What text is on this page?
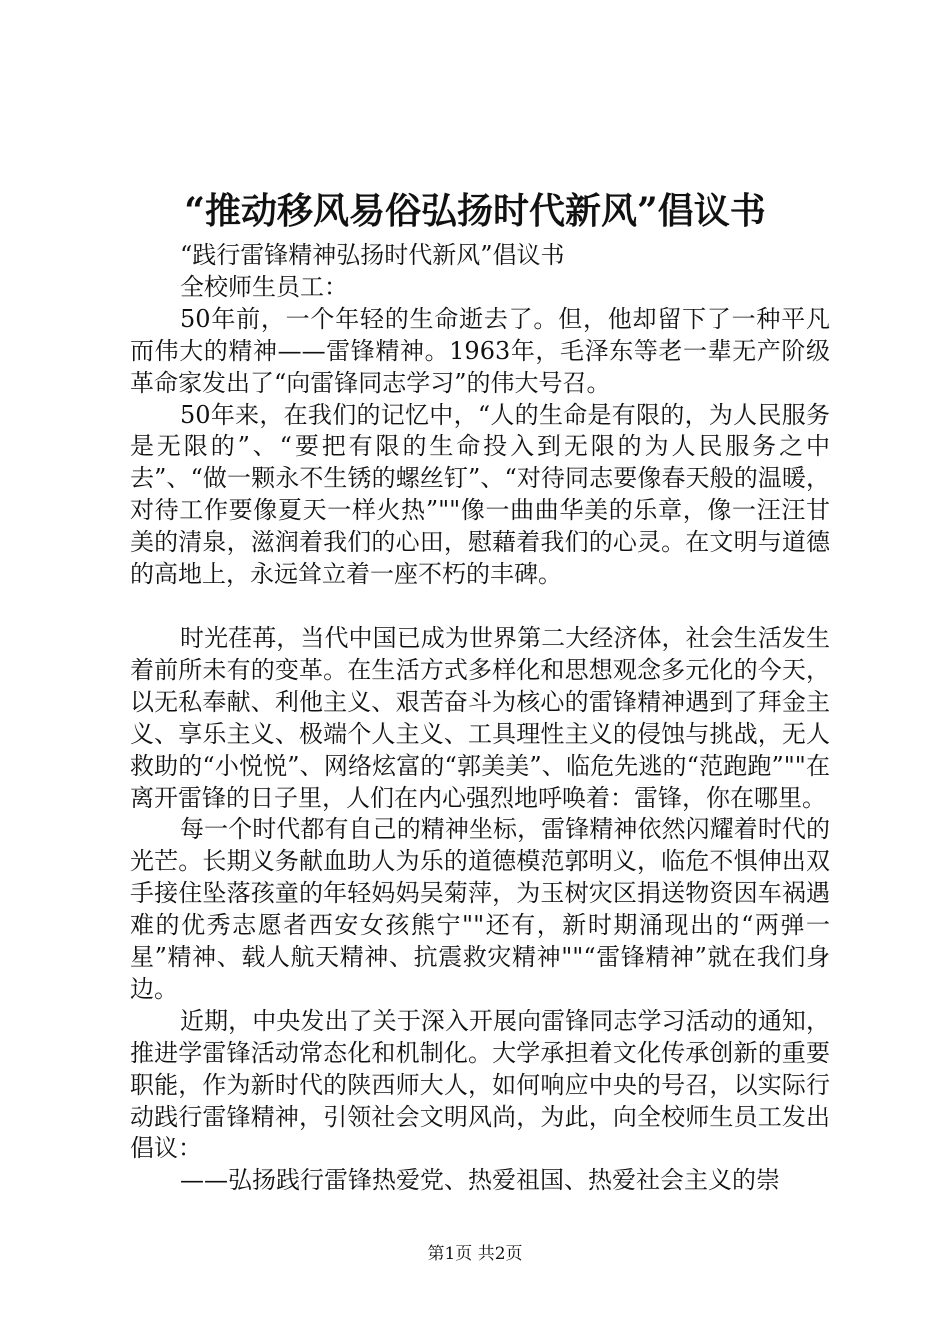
“推动移风易俗弘扬时代新风”倡议书

“践行雷锋精神弘扬时代新风”倡议书

全校师生员工：

50年前，一个年轻的生命逝去了。但，他却留下了一种平凡而伟大的精神——雷锋精神。1963年，毛泽东等老一辈无产阶级革命家发出了“向雷锋同志学习”的伟大号召。

50年来，在我们的记忆中，“人的生命是有限的，为人民服务是无限的”、“要把有限的生命投入到无限的为人民服务之中去”、“做一颗永不生锈的螺丝钉”、“对待同志要像春天般的温暖，对待工作要像夏天一样火热”""像一曲曲华美的乐章，像一汪汪甘美的清泉，滋润着我们的心田，慰藉着我们的心灵。在文明与道德的高地上，永远耸立着一座不朽的丰碑。

时光荏苒，当代中国已成为世界第二大经济体，社会生活发生着前所未有的变革。在生活方式多样化和思想观念多元化的今天，以无私奉献、利他主义、艰苦奋斗为核心的雷锋精神遇到了拜金主义、享乐主义、极端个人主义、工具理性主义的侵蚀与挑战，无人救助的“小悦悦”、网络炫富的“郭美美”、临危先逃的“范跑跑”""在离开雷锋的日子里，人们在内心强烈地呼唤着：雷锋，你在哪里。

每一个时代都有自己的精神坐标，雷锋精神依然闪耀着时代的光芒。长期义务献血助人为乐的道德模范郭明义，临危不惧伸出双手接住坠落孩童的年轻妈妈吴菊萍，为玉树灾区捐送物资因车祸遇难的优秀志愿者西安女孩熊宁""还有，新时期涌现出的“两弹一星”精神、载人航天精神、抗震救灾精神""“雷锋精神”就在我们身边。

近期，中央发出了关于深入开展向雷锋同志学习活动的通知，推进学雷锋活动常态化和机制化。大学承担着文化传承创新的重要职能，作为新时代的陕西师大人，如何响应中央的号召，以实际行动践行雷锋精神，引领社会文明风尚，为此，向全校师生员工发出倡议：

——弘扬践行雷锋热爱党、热爱祖国、热爱社会主义的崇

第1页 共2页
